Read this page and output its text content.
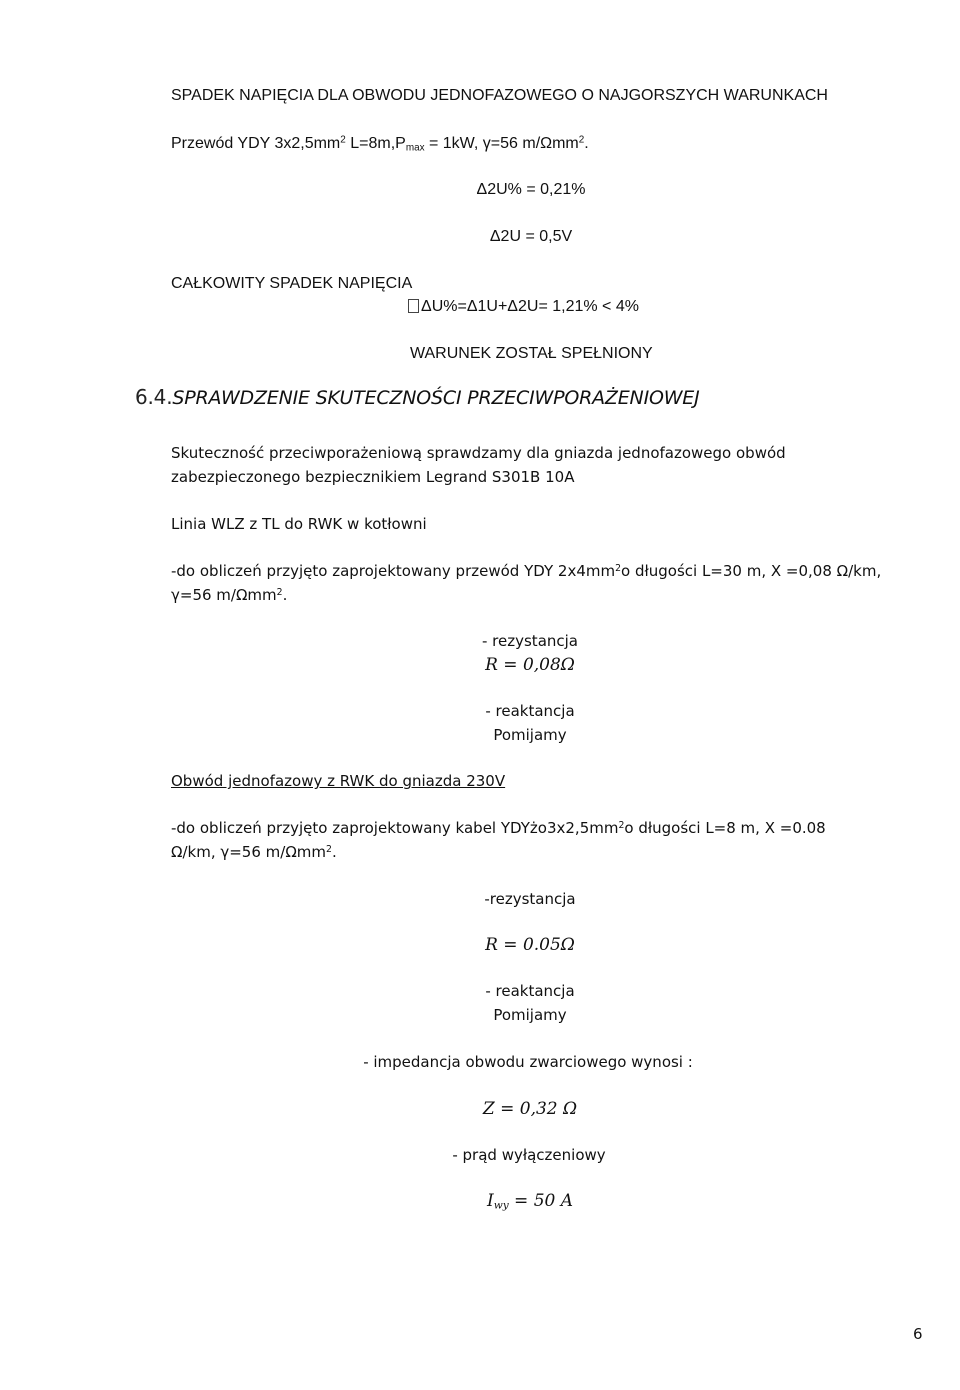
SPADEK NAPIĘCIA DLA OBWODU JEDNOFAZOWEGO O NAJGORSZYCH WARUNKACH
Przewód YDY $3x2,5mm^2$ $L=8m,P_{max} = 1kW$, γ=56 m/Ωmm$^2$.
Δ2U% = 0,21%
Δ2U = 0,5V
CAŁKOWITY SPADEK NAPIĘCIA
ΔU%=Δ1U+Δ2U= 1,21% < 4%
WARUNEK ZOSTAŁ SPEŁNIONY
6.4.SPRAWDZENIE SKUTECZNOŚCI PRZECIWPORAŻENIOWEJ
Skuteczność przeciwporażeniową sprawdzamy dla gniazda jednofazowego obwód
zabezpieczonego bezpiecznikiem Legrand S301B 10A
Linia WLZ z TL do RWK w kotłowni
-do obliczeń przyjęto zaprojektowany przewód YDY $2x4mm^2o$ długości L=30 m, X =0,08 Ω/km,
γ=56 m/Ωmm$^2$.
- rezystancja
R = 0,08Ω
- reaktancja
Pomijamy
Obwód jednofazowy z RWK do gniazda 230V
-do obliczeń przyjęto zaprojektowany kabel $YDYżo3x2,5mm^2o$ długości L=8 m, X =0.08
Ω/km, γ=56 m/Ωmm$^2$.
-rezystancja
R = 0.05Ω
- reaktancja
Pomijamy
- impedancja obwodu zwarciowego wynosi :
Z = 0,32 Ω
- prąd wyłączeniowy
$I_{wy} = 50$ A
6
